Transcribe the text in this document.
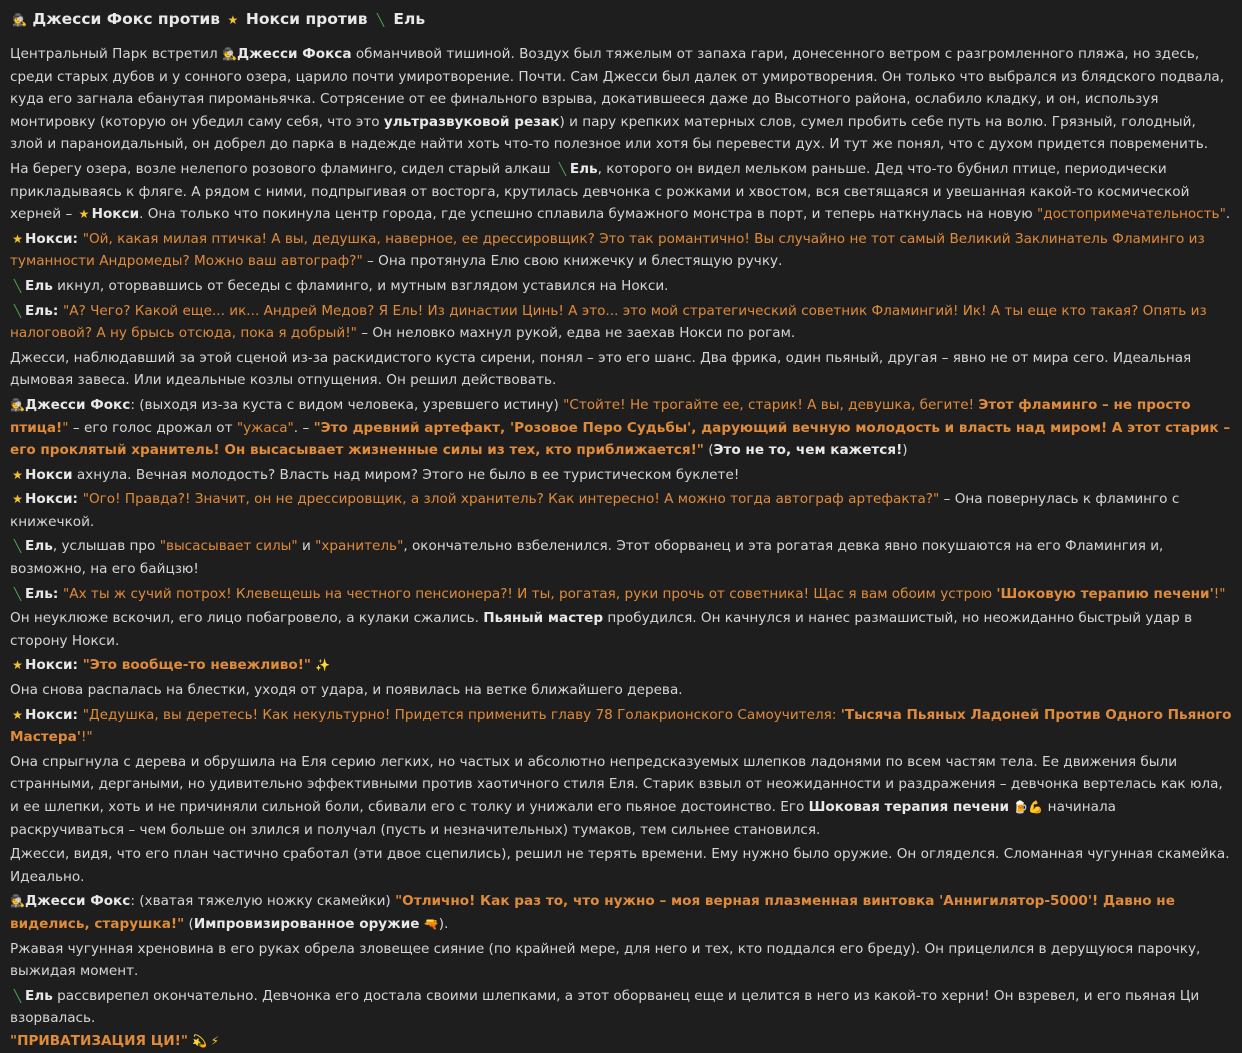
🕵 Джесси Фокс против ★ Нокси против ╲ Ель

Центральный Парк встретил 🕵Джесси Фокса обманчивой тишиной. Воздух был тяжелым от запаха гари, донесенного ветром с разгромленного пляжа, но здесь, среди старых дубов и у сонного озера, царило почти умиротворение. Почти. Сам Джесси был далек от умиротворения. Он только что выбрался из блядского подвала, куда его загнала ебанутая пироманьячка. Сотрясение от ее финального взрыва, докатившееся даже до Высотного района, ослабило кладку, и он, используя монтировку (которую он убедил саму себя, что это ультразвуковой резак) и пару крепких матерных слов, сумел пробить себе путь на волю. Грязный, голодный, злой и параноидальный, он добрел до парка в надежде найти хоть что-то полезное или хотя бы перевести дух. И тут же понял, что с духом придется повременить.

На берегу озера, возле нелепого розового фламинго, сидел старый алкаш ╲ Ель, которого он видел мельком раньше. Дед что-то бубнил птице, периодически прикладываясь к фляге. А рядом с ними, подпрыгивая от восторга, крутилась девчонка с рожками и хвостом, вся светящаяся и увешанная какой-то космической херней – ★ Нокси. Она только что покинула центр города, где успешно сплавила бумажного монстра в порт, и теперь наткнулась на новую "достопримечательность".

★ Нокси: "Ой, какая милая птичка! А вы, дедушка, наверное, ее дрессировщик? Это так романтично! Вы случайно не тот самый Великий Заклинатель Фламинго из туманности Андромеды? Можно ваш автограф?" – Она протянула Елю свою книжечку и блестящую ручку.

╲ Ель икнул, оторвавшись от беседы с фламинго, и мутным взглядом уставился на Нокси.

╲ Ель: "А? Чего? Какой еще... ик... Андрей Медов? Я Ель! Из династии Цинь! А это... это мой стратегический советник Фламингий! Ик! А ты еще кто такая? Опять из налоговой? А ну брысь отсюда, пока я добрый!" – Он неловко махнул рукой, едва не заехав Нокси по рогам.

Джесси, наблюдавший за этой сценой из-за раскидистого куста сирени, понял – это его шанс. Два фрика, один пьяный, другая – явно не от мира сего. Идеальная дымовая завеса. Или идеальные козлы отпущения. Он решил действовать.

🕵Джесси Фокс: (выходя из-за куста с видом человека, узревшего истину) "Стойте! Не трогайте ее, старик! А вы, девушка, бегите! Этот фламинго – не просто птица!" – его голос дрожал от "ужаса". – "Это древний артефакт, 'Розовое Перо Судьбы', дарующий вечную молодость и власть над миром! А этот старик – его проклятый хранитель! Он высасывает жизненные силы из тех, кто приближается!" (Это не то, чем кажется!)

★ Нокси ахнула. Вечная молодость? Власть над миром? Этого не было в ее туристическом буклете!

★ Нокси: "Ого! Правда?! Значит, он не дрессировщик, а злой хранитель? Как интересно! А можно тогда автограф артефакта?" – Она повернулась к фламинго с книжечкой.

╲ Ель, услышав про "высасывает силы" и "хранитель", окончательно взбеленился. Этот оборванец и эта рогатая девка явно покушаются на его Фламингия и, возможно, на его байцзю!

╲ Ель: "Ах ты ж сучий потрох! Клевещешь на честного пенсионера?! И ты, рогатая, руки прочь от советника! Щас я вам обоим устрою 'Шоковую терапию печени'!"

Он неуклюже вскочил, его лицо побагровело, а кулаки сжались. Пьяный мастер пробудился. Он качнулся и нанес размашистый, но неожиданно быстрый удар в сторону Нокси.

★ Нокси: "Это вообще-то невежливо!" ✨

Она снова распалась на блестки, уходя от удара, и появилась на ветке ближайшего дерева.

★ Нокси: "Дедушка, вы деретесь! Как некультурно! Придется применить главу 78 Голакрионского Самоучителя: 'Тысяча Пьяных Ладоней Против Одного Пьяного Мастера'!"

Она спрыгнула с дерева и обрушила на Еля серию легких, но частых и абсолютно непредсказуемых шлепков ладонями по всем частям тела. Ее движения были странными, дергаными, но удивительно эффективными против хаотичного стиля Еля. Старик взвыл от неожиданности и раздражения – девчонка вертелась как юла, и ее шлепки, хоть и не причиняли сильной боли, сбивали его с толку и унижали его пьяное достоинство. Его Шоковая терапия печени 🍺💪 начинала раскручиваться – чем больше он злился и получал (пусть и незначительных) тумаков, тем сильнее становился.

Джесси, видя, что его план частично сработал (эти двое сцепились), решил не терять времени. Ему нужно было оружие. Он огляделся. Сломанная чугунная скамейка. Идеально.

🕵Джесси Фокс: (хватая тяжелую ножку скамейки) "Отлично! Как раз то, что нужно – моя верная плазменная винтовка 'Аннигилятор-5000'! Давно не виделись, старушка!" (Импровизированное оружие 🔫).

Ржавая чугунная хреновина в его руках обрела зловещее сияние (по крайней мере, для него и тех, кто поддался его бреду). Он прицелился в дерущуюся парочку, выжидая момент.

╲ Ель рассвирепел окончательно. Девчонка его достала своими шлепками, а этот оборванец еще и целится в него из какой-то херни! Он взревел, и его пьяная Ци взорвалась.
"ПРИВАТИЗАЦИЯ ЦИ!" 💫 ⚡
